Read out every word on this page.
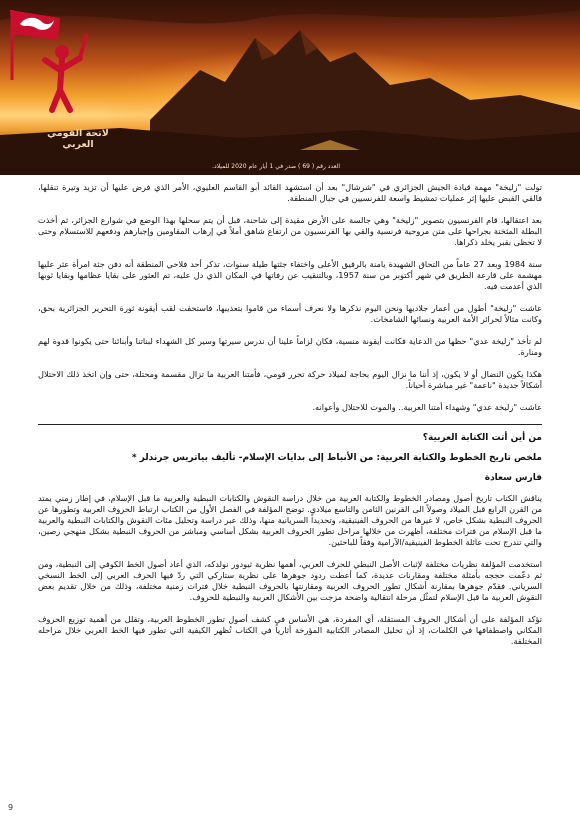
لاتحة القومي العربي
العدد رقم ( 69 ) صدر في 1 أيار عام 2020 للميلاد.

تولت "زليخة" مهمة قيادة الجيش الجزائري في "شرشال" بعد أن استشهد القائد أبو القاسم العليوي، الأمر الذي فرض عليها أن تزيد وتيرة تنقلها، فالقي القبض عليها إثر عمليات تمشيط واسعة للفرنسيين في جبال المنطقة.

بعد اعتقالها، قام الفرنسيون بتصوير "زليخة" وهي جالسة على الأرض مقيدة إلى شاحنة، قبل أن يتم سحلها بهذا الوضع في شوارع الجزائر، ثم أخذت البطلة المثخنة بجراحها على متن مروحية فرنسية والقي بها الفرنسيون من ارتفاع شاهق أملاً في إرهاب المقاومين وإجبارهم ودفعهم للاستسلام وحتى لا تحظى بقبر يخلد ذكراها.

سنة 1984 وبعد 27 عاماً من التحاق الشهيدة يامنة بالرفيق الأعلى واختفاء جثتها طيلة سنوات، تذكر أحد فلاحي المنطقة أنه دفن جثة امرأة عثر عليها مهشمة على قارعة الطريق في شهر أكتوبر من سنة 1957، وبالتنقيب عن رفاتها في المكان الذي دل عليه، تم العثور على بقايا عظامها وبقايا ثوبها الذي أعدمت فيه.

عاشت "زليخة" أطول من أعمار جلاديها ونحن اليوم نذكرها ولا نعرف أسماء من قاموا بتعذيبها، فاستحقت لقب أيقونة ثورة التحرير الجزائرية بحق، وكانت مثالاً لحرائر الأمة العربية ونسائها الشامخات.

لم تأخذ "زليخة عدي" حظها من الدعاية فكانت أيقونة منسية، فكان لزاماً علينا أن ندرس سيرتها وسير كل الشهداء لبناتنا وأبنائنا حتى يكونوا قدوة لهم ومنارة.

هكذا يكون النضال أو لا يكون، إذ أننا ما نزال اليوم بحاجة لميلاد حركة تحرر قومي، فأمتنا العربية ما تزال مقسمة ومحتلة، حتى وإن اتخذ ذلك الاحتلال أشكالاً جديدة "ناعمة" غير مباشرة أحياناً.

عاشت "زليخة عدي" وشهداء أمتنا العربية.. والموت للاحتلال وأعوانه.

من أين أتت الكتابة العربية؟
ملخص تاريخ الخطوط والكتابة العربية: من الأنباط إلى بدايات الإسلام- تأليف بياتريس جرندلر *
فارس سعادة

يناقش الكتاب تاريخ أصول ومصادر الخطوط والكتابة العربية من خلال دراسة النقوش والكتابات النبطية والعربية ما قبل الإسلام، في إطار زمني يمتد من القرن الرابع قبل الميلاد وصولاً الى القرنين الثامن والتاسع ميلادي. توضح المؤلفة في الفصل الأول من الكتاب ارتباط الحروف العربية وتطورها عن الحروف النبطية بشكل خاص، لا غيرها من الحروف الفينيقية، وتحديداً السريانية منها، وذلك عبر دراسة وتحليل مئات النقوش والكتابات النبطية والعربية ما قبل الإسلام من فترات مختلفة، أظهرت من خلالها مراحل تطور الحروف العربية بشكل أساسي ومباشر من الحروف النبطية بشكل منهجي رصين، والتي تندرج تحت عائلة الخطوط الفينيقية/الآرامية وفقاً للباحثين.

استخدمت المؤلفة نظريات مختلفة لإثبات الأصل النبطي للحرف العربي، أهمها نظرية ثيودور نولدكه، الذي أعاد أصول الخط الكوفي إلى النبطية، ومن ثم دعّمت حججه بأمثلة مختلفة ومقارنات عديدة، كما أعطت ردود جوهرها على نظرية ستاركي التي ردّ فيها الحرف العربي إلى الخط النسخي السرياني. فقدّم جوهرها بمقارنة أشكال تطور الحروف العربية ومقارنتها بالحروف النبطية خلال فترات زمنية مختلفة، وذلك من خلال تقديم بعض النقوش العربية ما قبل الإسلام لتمثّل مرحلة انتقالية واضحة مزجت بين الأشكال العربية والنبطية للحروف.

تؤكد المؤلفة على أن أشكال الحروف المستقلة، أي المفردة، هي الأساس في كشف أصول تطور الخطوط العربية، وتقلل من أهمية توزيع الحروف المكاني واصطفافها في الكلمات، إذ أن تحليل المصادر الكتابية المؤرخة أثارياً في الكتاب تُظهر الكيفية التي تطور فيها الخط العربي خلال مراحله المختلفة.

9
